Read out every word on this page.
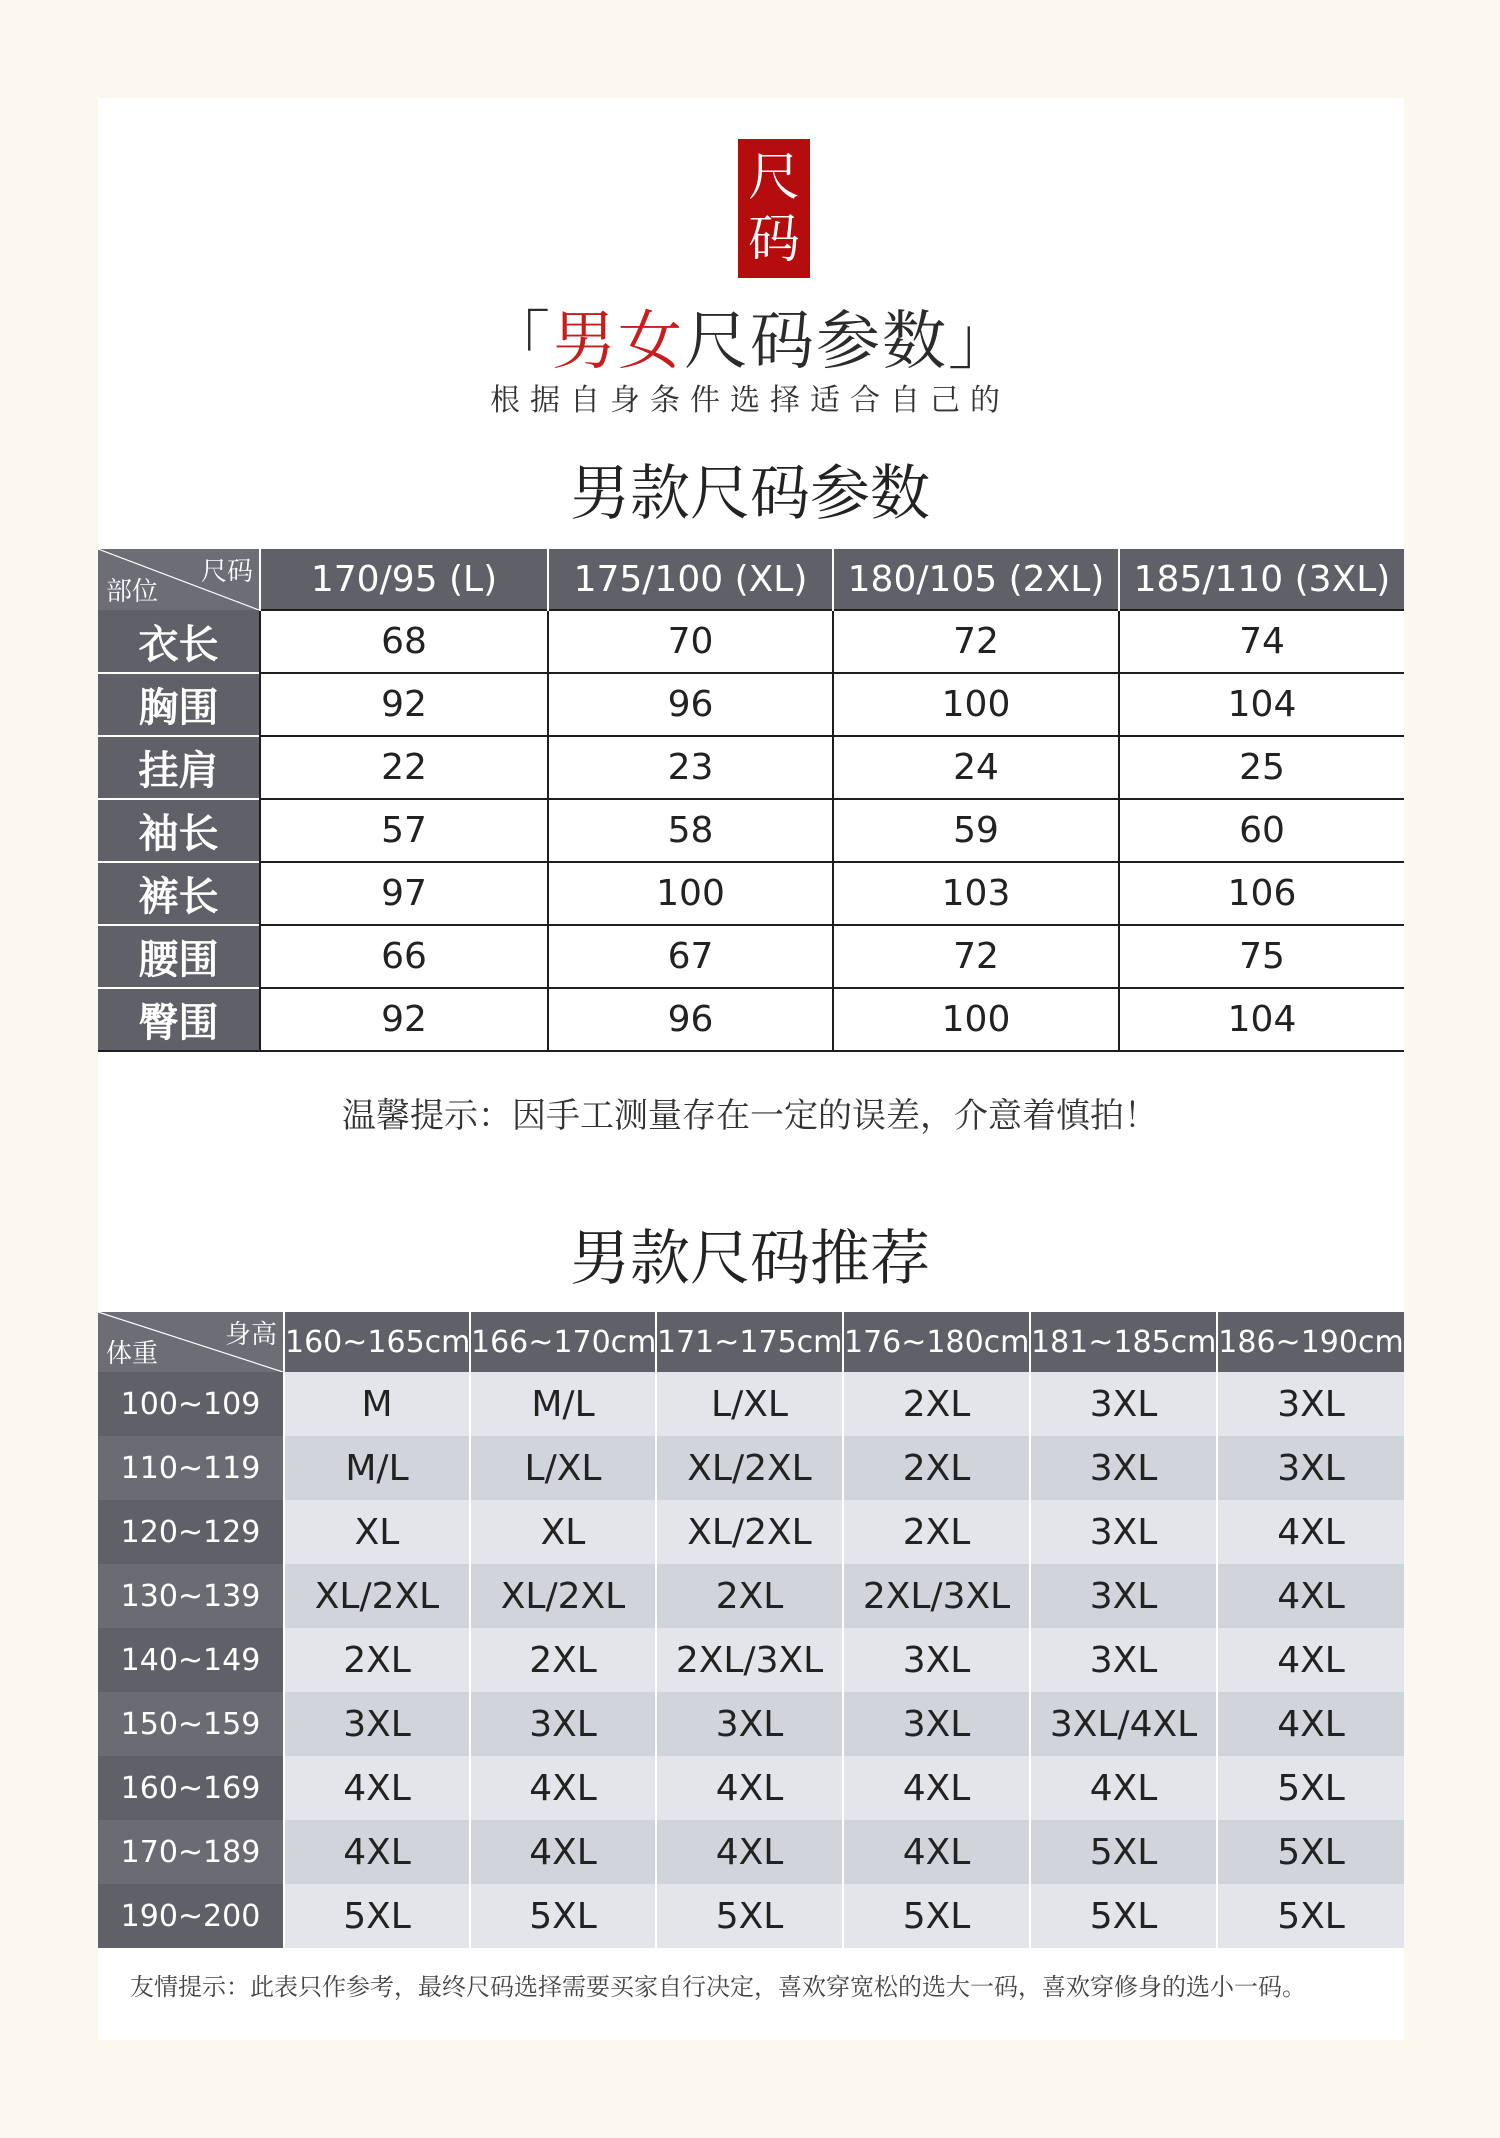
尺
码
「男女尺码参数」
根据自身条件选择适合自己的
男款尺码参数
尺码
部位	170/95 (L)	175/100 (XL)	180/105 (2XL)	185/110 (3XL)
衣长	68	70	72	74
胸围	92	96	100	104
挂肩	22	23	24	25
袖长	57	58	59	60
裤长	97	100	103	106
腰围	66	67	72	75
臀围	92	96	100	104
温馨提示：因手工测量存在一定的误差，介意着慎拍！
男款尺码推荐
身高
体重	160~165cm	166~170cm	171~175cm	176~180cm	181~185cm	186~190cm
100~109	M	M/L	L/XL	2XL	3XL	3XL
110~119	M/L	L/XL	XL/2XL	2XL	3XL	3XL
120~129	XL	XL	XL/2XL	2XL	3XL	4XL
130~139	XL/2XL	XL/2XL	2XL	2XL/3XL	3XL	4XL
140~149	2XL	2XL	2XL/3XL	3XL	3XL	4XL
150~159	3XL	3XL	3XL	3XL	3XL/4XL	4XL
160~169	4XL	4XL	4XL	4XL	4XL	5XL
170~189	4XL	4XL	4XL	4XL	5XL	5XL
190~200	5XL	5XL	5XL	5XL	5XL	5XL
友情提示：此表只作参考，最终尺码选择需要买家自行决定，喜欢穿宽松的选大一码，喜欢穿修身的选小一码。
